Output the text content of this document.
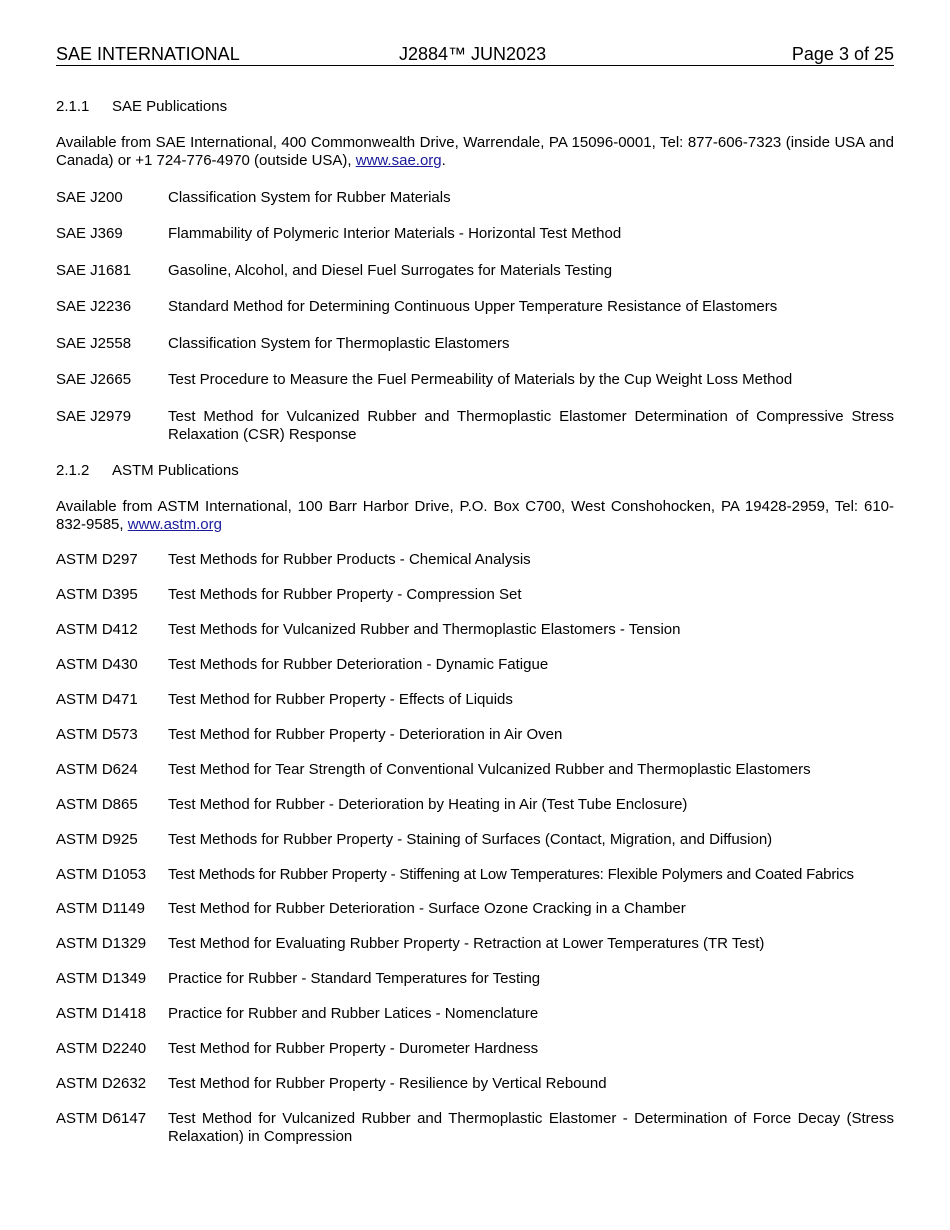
SAE INTERNATIONAL	J2884™ JUN2023	Page 3 of 25
2.1.1 SAE Publications
Available from SAE International, 400 Commonwealth Drive, Warrendale, PA 15096-0001, Tel: 877-606-7323 (inside USA and Canada) or +1 724-776-4970 (outside USA), www.sae.org.
SAE J200	Classification System for Rubber Materials
SAE J369	Flammability of Polymeric Interior Materials - Horizontal Test Method
SAE J1681	Gasoline, Alcohol, and Diesel Fuel Surrogates for Materials Testing
SAE J2236	Standard Method for Determining Continuous Upper Temperature Resistance of Elastomers
SAE J2558	Classification System for Thermoplastic Elastomers
SAE J2665	Test Procedure to Measure the Fuel Permeability of Materials by the Cup Weight Loss Method
SAE J2979	Test Method for Vulcanized Rubber and Thermoplastic Elastomer Determination of Compressive Stress Relaxation (CSR) Response
2.1.2 ASTM Publications
Available from ASTM International, 100 Barr Harbor Drive, P.O. Box C700, West Conshohocken, PA 19428-2959, Tel: 610-832-9585, www.astm.org
ASTM D297	Test Methods for Rubber Products - Chemical Analysis
ASTM D395	Test Methods for Rubber Property - Compression Set
ASTM D412	Test Methods for Vulcanized Rubber and Thermoplastic Elastomers - Tension
ASTM D430	Test Methods for Rubber Deterioration - Dynamic Fatigue
ASTM D471	Test Method for Rubber Property - Effects of Liquids
ASTM D573	Test Method for Rubber Property - Deterioration in Air Oven
ASTM D624	Test Method for Tear Strength of Conventional Vulcanized Rubber and Thermoplastic Elastomers
ASTM D865	Test Method for Rubber - Deterioration by Heating in Air (Test Tube Enclosure)
ASTM D925	Test Methods for Rubber Property - Staining of Surfaces (Contact, Migration, and Diffusion)
ASTM D1053	Test Methods for Rubber Property - Stiffening at Low Temperatures: Flexible Polymers and Coated Fabrics
ASTM D1149	Test Method for Rubber Deterioration - Surface Ozone Cracking in a Chamber
ASTM D1329	Test Method for Evaluating Rubber Property - Retraction at Lower Temperatures (TR Test)
ASTM D1349	Practice for Rubber - Standard Temperatures for Testing
ASTM D1418	Practice for Rubber and Rubber Latices - Nomenclature
ASTM D2240	Test Method for Rubber Property - Durometer Hardness
ASTM D2632	Test Method for Rubber Property - Resilience by Vertical Rebound
ASTM D6147	Test Method for Vulcanized Rubber and Thermoplastic Elastomer - Determination of Force Decay (Stress Relaxation) in Compression
